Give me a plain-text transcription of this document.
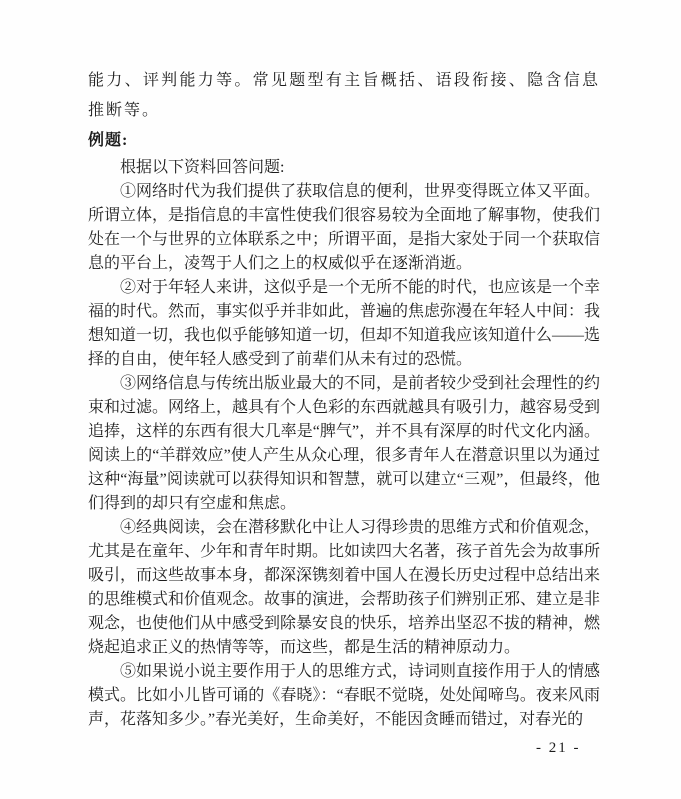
能力、评判能力等。常见题型有主旨概括、语段衔接、隐含信息推断等。

例题:

根据以下资料回答问题:

①网络时代为我们提供了获取信息的便利，世界变得既立体又平面。所谓立体，是指信息的丰富性使我们很容易较为全面地了解事物，使我们处在一个与世界的立体联系之中；所谓平面，是指大家处于同一个获取信息的平台上，凌驾于人们之上的权威似乎在逐渐消逝。

②对于年轻人来讲，这似乎是一个无所不能的时代，也应该是一个幸福的时代。然而，事实似乎并非如此，普遍的焦虑弥漫在年轻人中间：我想知道一切，我也似乎能够知道一切，但却不知道我应该知道什么——选择的自由，使年轻人感受到了前辈们从未有过的恐慌。

③网络信息与传统出版业最大的不同，是前者较少受到社会理性的约束和过滤。网络上，越具有个人色彩的东西就越具有吸引力，越容易受到追捧，这样的东西有很大几率是“脾气”，并不具有深厚的时代文化内涵。阅读上的“羊群效应”使人产生从众心理，很多青年人在潜意识里以为通过这种“海量”阅读就可以获得知识和智慧，就可以建立“三观”，但最终，他们得到的却只有空虚和焦虑。

④经典阅读，会在潜移默化中让人习得珍贵的思维方式和价值观念，尤其是在童年、少年和青年时期。比如读四大名著，孩子首先会为故事所吸引，而这些故事本身，都深深镌刻着中国人在漫长历史过程中总结出来的思维模式和价值观念。故事的演进，会帮助孩子们辨别正邪、建立是非观念，也使他们从中感受到除暴安良的快乐，培养出坚忍不拔的精神，燃烧起追求正义的热情等等，而这些，都是生活的精神原动力。

⑤如果说小说主要作用于人的思维方式，诗词则直接作用于人的情感模式。比如小儿皆可诵的《春晓》：“春眠不觉晓，处处闻啼鸟。夜来风雨声，花落知多少。”春光美好，生命美好，不能因贪睡而错过，对春光的

- 21 -
